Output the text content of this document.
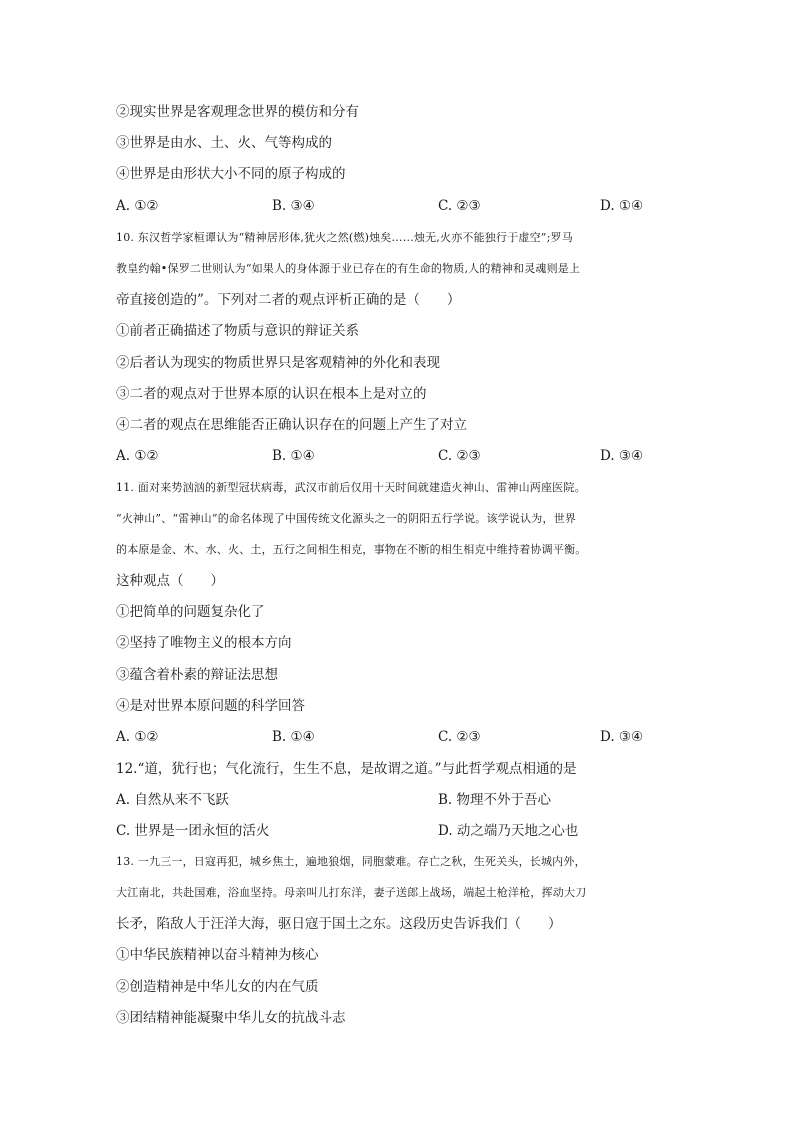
②现实世界是客观理念世界的模仿和分有
③世界是由水、土、火、气等构成的
④世界是由形状大小不同的原子构成的
A. ①②	B. ③④	C. ②③	D. ①④
10. 东汉哲学家桓谭认为“精神居形体,犹火之然(燃)烛矣……烛无,火亦不能独行于虚空”;罗马
教皇约翰•保罗二世则认为“如果人的身体源于业已存在的有生命的物质,人的精神和灵魂则是上
帝直接创造的”。下列对二者的观点评析正确的是（　　）
①前者正确描述了物质与意识的辩证关系
②后者认为现实的物质世界只是客观精神的外化和表现
③二者的观点对于世界本原的认识在根本上是对立的
④二者的观点在思维能否正确认识存在的问题上产生了对立
A. ①②	B. ①④	C. ②③	D. ③④
11. 面对来势汹汹的新型冠状病毒，武汉市前后仅用十天时间就建造火神山、雷神山两座医院。
“火神山”、“雷神山”的命名体现了中国传统文化源头之一的阴阳五行学说。该学说认为，世界
的本原是金、木、水、火、土，五行之间相生相克，事物在不断的相生相克中维持着协调平衡。
这种观点（　　）
①把简单的问题复杂化了
②坚持了唯物主义的根本方向
③蕴含着朴素的辩证法思想
④是对世界本原问题的科学回答
A. ①②	B. ①④	C. ②③	D. ③④
12.“道，犹行也；气化流行，生生不息，是故谓之道。”与此哲学观点相通的是
A. 自然从来不飞跃	B. 物理不外于吾心
C. 世界是一团永恒的活火	D. 动之端乃天地之心也
13. 一九三一，日寇再犯，城乡焦土，遍地狼烟，同胞蒙难。存亡之秋，生死关头，长城内外，
大江南北，共赴国难，浴血坚持。母亲叫儿打东洋，妻子送郎上战场，端起土枪洋枪，挥动大刀
长矛，陷敌人于汪洋大海，驱日寇于国土之东。这段历史告诉我们（　　）
①中华民族精神以奋斗精神为核心
②创造精神是中华儿女的内在气质
③团结精神能凝聚中华儿女的抗战斗志
